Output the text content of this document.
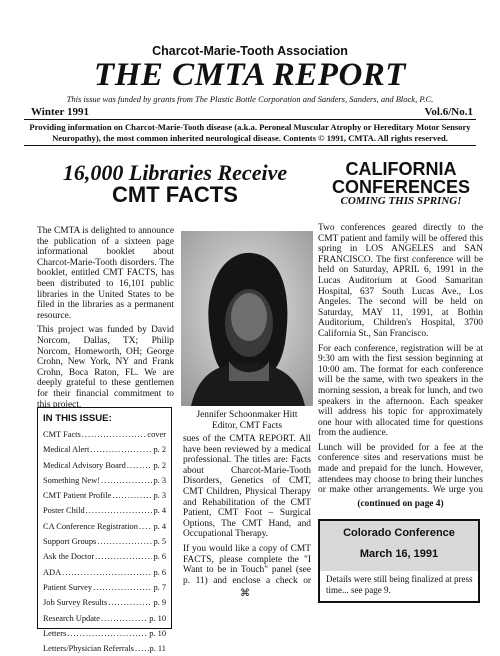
Charcot-Marie-Tooth Association
THE CMTA REPORT
This issue was funded by grants from The Plastic Bottle Corporation and Sanders, Sanders, and Block, P.C.
Winter 1991	Vol.6/No.1
Providing information on Charcot-Marie-Tooth disease (a.k.a. Peroneal Muscular Atrophy or Hereditary Motor Sensory Neuropathy), the most common inherited neurological disease. Contents © 1991, CMTA. All rights reserved.
16,000 Libraries Receive
CMT FACTS
CALIFORNIA CONFERENCES
COMING THIS SPRING!

The CMTA is delighted to announce the publication of a sixteen page informational booklet about Charcot-Marie-Tooth disorders. The booklet, entitled CMT FACTS, has been distributed to 16,101 public libraries in the United States to be filed in the libraries as a permanent resource.

This project was funded by David Norcom, Dallas, TX; Philip Norcom, Homeworth, OH; George Crohn, New York, NY and Frank Crohn, Boca Raton, FL. We are deeply grateful to these gentlemen for their financial commitment to this project.

Jennifer Schoonmaker Hitt
Editor, CMT Facts

sues of the CMTA REPORT. All have been reviewed by a medical professional. The titles are: Facts about Charcot-Marie-Tooth Disorders, Genetics of CMT, CMT Children, Physical Therapy and Rehabilitation of the CMT Patient, CMT Foot – Surgical Options, The CMT Hand, and Occupational Therapy.

If you would like a copy of CMT FACTS, please complete the "I Want to be in Touch" panel (see p. 11) and enclose a check or

⌘
IN THIS ISSUE:
CMT Facts .....	cover
Medical Alert .....	p. 2
Medical Advisory Board .....	p. 2
Something New! .....	p. 3
CMT Patient Profile .....	p. 3
Poster Child .....	p. 4
CA Conference Registration ..... p. 4
Support Groups .....	p. 5
Ask the Doctor .....	p. 6
ADA .....	p. 6
Patient Survey .....	p. 7
Job Survey Results .....	p. 9
Research Update .....	p. 10
Letters .....	p. 10
Letters/Physician Referrals ..... p. 11

Two conferences geared directly to the CMT patient and family will be offered this spring in LOS ANGELES and SAN FRANCISCO. The first conference will be held on Saturday, APRIL 6, 1991 in the Lucas Auditorium at Good Samaritan Hospital, 637 South Lucas Ave., Los Angeles. The second will be held on Saturday, MAY 11, 1991, at Bothin Auditorium, Children's Hospital, 3700 California St., San Francisco.

For each conference, registration will be at 9:30 am with the first session beginning at 10:00 am. The format for each conference will be the same, with two speakers in the morning session, a break for lunch, and two speakers in the afternoon. Each speaker will address his topic for approximately one hour with allocated time for questions from the audience.

Lunch will be provided for a fee at the conference sites and reservations must be made and prepaid for the lunch. However, attendees may choose to bring their lunches or make other arrangements. We urge you

(continued on page 4)
Colorado Conference
March 16, 1991
Details were still being finalized at press time... see page 9.
